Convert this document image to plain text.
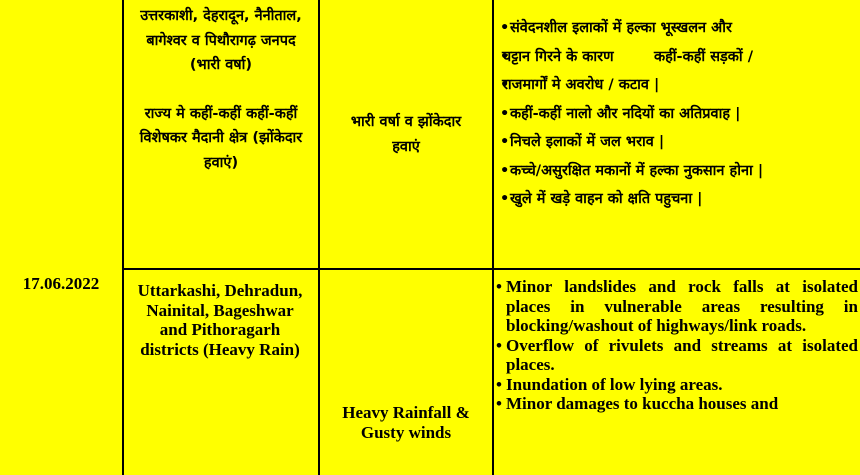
17.06.2022
उत्तरकाशी, देहरादून, नैनीताल, बागेश्वर व पिथौरागढ़ जनपद
(भारी वर्षा)
राज्य मे कहीं-कहीं कहीं-कहीं विशेषकर मैदानी क्षेत्र (झोंकेदार हवाएं)
भारी वर्षा व झोंकेदार हवाएं
• संवेदनशील इलाकों में हल्का भूस्खलन और
• चट्टान गिरने के कारण        कहीं-कहीं सड़कों /
• राजमार्गों मे अवरोध / कटाव |
• कहीं-कहीं नालो और नदियों का अतिप्रवाह |
• निचले इलाकों में जल भराव |
• कच्चे/असुरक्षित मकानों में हल्का नुकसान होना |
• खुले में खड़े वाहन को क्षति पहुचना |
Uttarkashi, Dehradun, Nainital, Bageshwar and Pithoragarh districts (Heavy Rain)
Heavy Rainfall & Gusty winds
• Minor landslides and rock falls at isolated places in vulnerable areas resulting in blocking/washout of highways/link roads.
• Overflow of rivulets and streams at isolated places.
• Inundation of low lying areas.
• Minor damages to kuccha houses and
